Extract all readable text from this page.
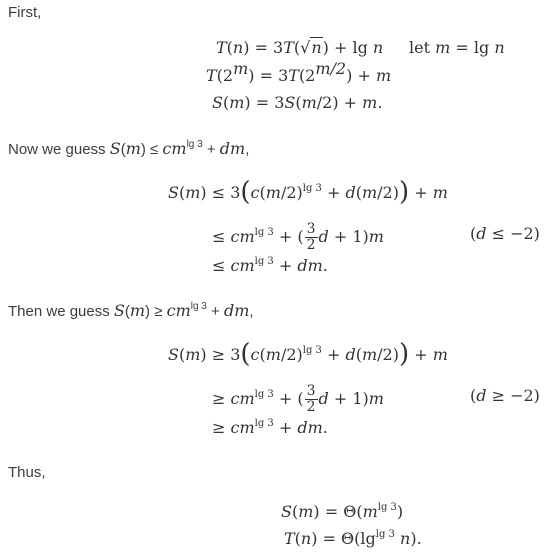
First,
T(n) = 3T(√n) + lg n let m = lg n
$T(2^m) = 3T(2^{m/2}) + m$
S(m) = 3S(m/2) + m.
Now we guess $S(m) \le cm^{lg 3}$ + dm,
$S(m) \le 3(c(m/2)^{lg 3} + d(m/2)) + m$
≤ $cm^{lg 3}$ + ( $\frac{3}{2}$ d + 1)m	(d ≤ −2)
≤ $cm^{lg 3}$ + dm.
Then we guess $S(m) \ge cm^{lg 3}$ + dm,
$S(m) \ge 3(c(m/2)^{lg 3} + d(m/2)) + m$
≥ $cm^{lg 3}$ + ( $\frac{3}{2}$ d + 1)m	(d ≥ −2)
≥ $cm^{lg 3}$ + dm.
Thus,
$S(m) = \Theta(m^{lg 3})$
$T(n) = \Theta(\lg^{lg 3}$ n).
